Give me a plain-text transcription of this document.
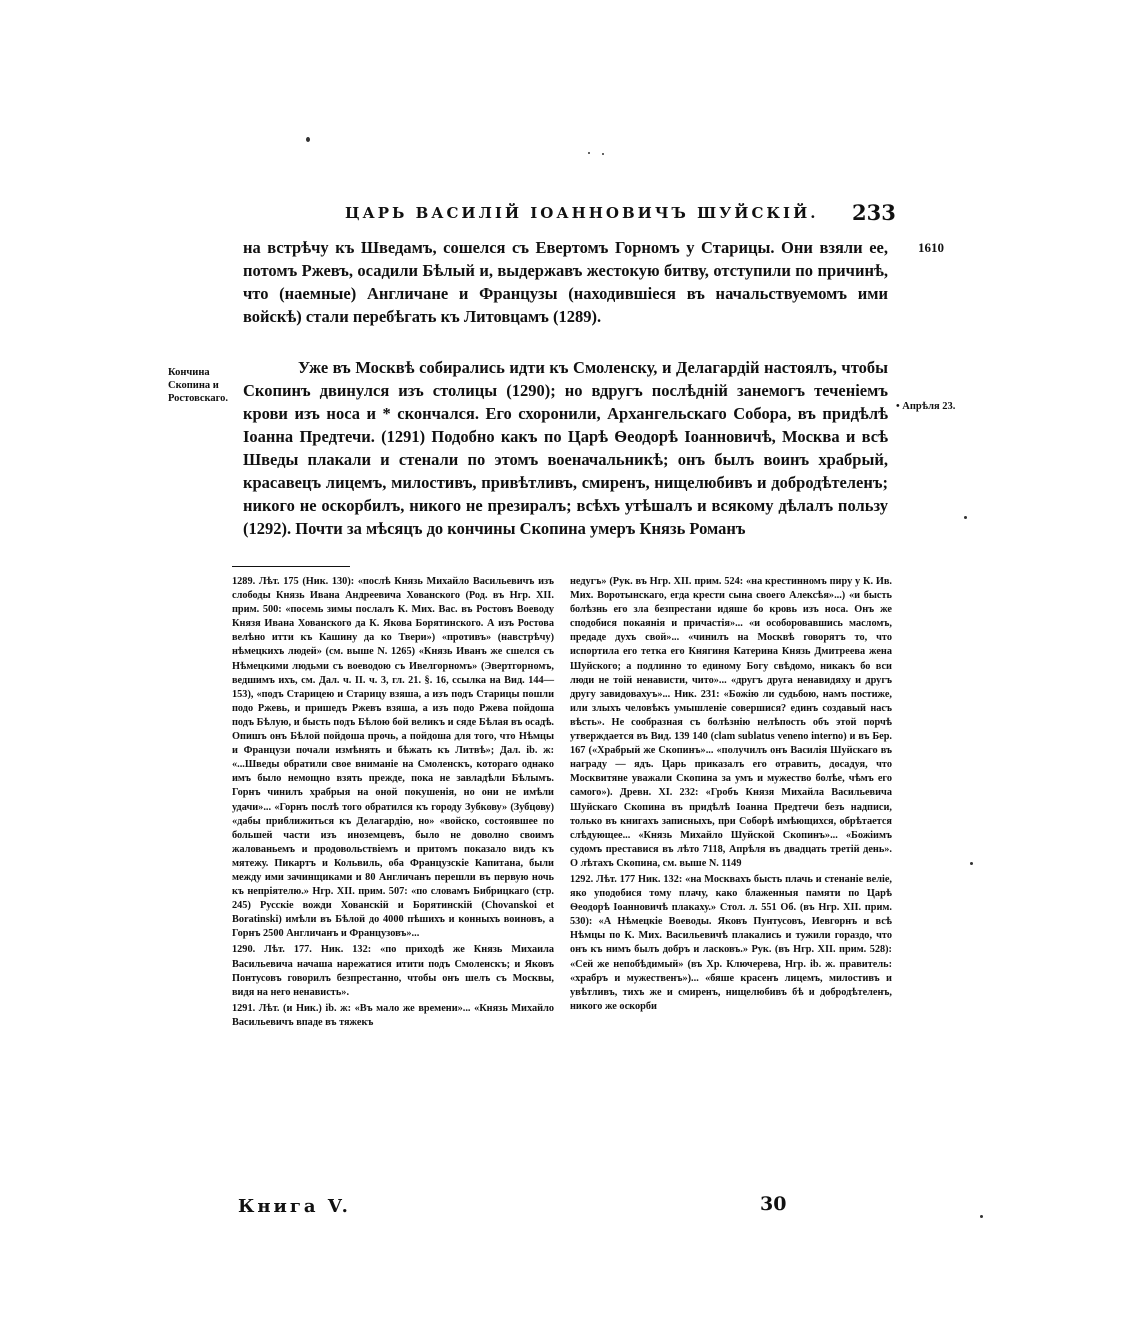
ЦАРЬ ВАСИЛІЙ ІОАННОВИЧЪ ШУЙСКІЙ. 233
1610
Кончина Скопина и Ростовскаго.
• Апрѣля 23.
на встрѣчу къ Шведамъ, сошелся съ Евертомъ Горномъ у Старицы. Они взяли ее, потомъ Ржевъ, осадили Бѣлый и, выдержавъ жестокую битву, отступили по причинѣ, что (наемные) Англичане и Французы (находившіеся въ начальствуемомъ ими войскѣ) стали перебѣгать къ Литовцамъ (1289).
Уже въ Москвѣ собирались идти къ Смоленску, и Делагардій настоялъ, чтобы Скопинъ двинулся изъ столицы (1290); но вдругъ послѣдній занемогъ теченіемъ крови изъ носа и * скончался. Его схоронили, Архангельскаго Собора, въ придѣлѣ Іоанна Предтечи. (1291) Подобно какъ по Царѣ Ѳеодорѣ Іоанновичѣ, Москва и всѣ Шведы плакали и стенали по этомъ военачальникѣ; онъ былъ воинъ храбрый, красавецъ лицемъ, милостивъ, привѣтливъ, смиренъ, нищелюбивъ и добродѣтеленъ; никого не оскорбилъ, никого не презиралъ; всѣхъ утѣшалъ и всякому дѣлалъ пользу (1292). Почти за мѣсяцъ до кончины Скопина умеръ Князь Романъ

1289. Лѣт. 175 (Ник. 130): «послѣ Князь Михайло Васильевичъ изъ слободы Князь Ивана Андреевича Хованского (Род. въ Нгр. XII. прим. 500: «посемь зимы послалъ К. Мих. Вас. въ Ростовъ Воеводу Князя Ивана Хованского да К. Якова Борятинского. А изъ Ростова велѣно итти къ Кашину да ко Твери») «противъ» (навстрѣчу) нѣмецкихъ людей» (см. выше N. 1265) «Князь Иванъ же сшелся съ Нѣмецкими людьми съ воеводою съ Ивелгорномъ» (Эвертгорномъ, ведшимъ ихъ, см. Дал. ч. II. ч. 3, гл. 21. §. 16, ссылка на Вид. 144—153), «подъ Старицею и Старицу взяша, а изъ подъ Старицы пошли подо Ржевь, и пришедъ Ржевъ взяша, а изъ подо Ржева пойдоша подъ Бѣлую, и бысть подъ Бѣлою бой великъ и сядe Бѣлая въ осадѣ. Опишъ онъ Бѣлой пойдоша прочь, а пойдоша для того, что Нѣмцы и Французи почали измѣнять и бѣжать къ Литвѣ»; Дал. ib. ж: «...Шведы обратили свое вниманіе на Смоленскъ, котораго однако имъ было немощно взять прежде, пока не завладѣли Бѣлымъ. Горнъ чинилъ храбрыя на оной покушенія, но они не имѣли удачи»... «Горнъ послѣ того обратился къ городу Зубкову» (Зубцову) «дабы приближиться къ Делагардію, но» «войско, состоявшее по большей части изъ иноземцевъ, было не доволно своимъ жалованьемъ и продовольствіемъ и притомъ показало видъ къ мятежу. Пикартъ и Кольвиль, оба Французскіе Капитана, были между ими зачинщиками и 80 Англичанъ перешли въ первую ночь къ непріятелю.» Нгр. XII. прим. 507: «по словамъ Бибрицкаго (стр. 245) Русскіе вожди Хованскій и Борятинскій (Chovanskoi et Boratinski) имѣли въ Бѣлой до 4000 пѣшихъ и конныхъ воиновъ, а Горнъ 2500 Англичанъ и Французовъ»...

1290. Лѣт. 177. Ник. 132: «по приходѣ же Князь Михаила Васильевича начаша нарежатися итити подъ Смоленскъ; и Яковъ Понтусовъ говорилъ безпрестанно, чтобы онъ шелъ съ Москвы, видя на него ненависть».

1291. Лѣт. (и Ник.) ib. ж: «Въ мало же времени»... «Князь Михайло Васильевичъ впаде въ тяжекъ

недугъ» (Рук. въ Нгр. XII. прим. 524: «на крестинномъ пиру у К. Ив. Мих. Воротынскаго, егда крести сына своего Алексѣя»...) «и бысть болѣзнь его зла безпрестани идяше бо кровь изъ носа. Онъ же сподобися покаянія и причастія»... «и особоровавшись масломъ, предаде духъ свой»... «чинилъ на Москвѣ говорятъ то, что испортила его тетка его Княгиня Катерина Князь Дмитреева жена Шуйского; а подлинно то единому Богу свѣдомо, никакъ бо вси люди не тоій ненависти, чито»... «другъ друга ненавидяху и другъ другу завидовахуъ»... Ник. 231: «Божію ли судьбою, намъ постиже, или злыхъ человѣкъ умышленіе совершися? единъ создавый насъ вѣсть». Не сообразная съ болѣзнію нелѣпость объ этой порчѣ утверждается въ Вид. 139 140 (clam sublatus veneno interno) и въ Бер. 167 («Храбрый же Скопинъ»... «получилъ онъ Василія Шуйскаго въ награду — ядъ. Царь приказалъ его отравить, досадуя, что Москвитяне уважали Скопина за умъ и мужество болѣе, чѣмъ его самого»). Древн. XI. 232: «Гробъ Князя Михайла Васильевича Шуйскаго Скопина въ придѣлѣ Іоанна Предтечи безъ надписи, только въ книгахъ записныхъ, при Соборѣ имѣющихся, обрѣтается слѣдующее... «Князь Михайло Шуйской Скопинъ»... «Божіимъ судомъ преставися въ лѣто 7118, Апрѣля въ двадцать третій день». О лѣтахъ Скопина, см. выше N. 1149

1292. Лѣт. 177 Ник. 132: «на Москвахъ бысть плачь и стенаніе веліе, яко уподобися тому плачу, како блаженныя памяти по Царѣ Ѳеодорѣ Іоанновичѣ плакаху.» Стол. л. 551 Об. (въ Нгр. XII. прим. 530): «А Нѣмецкіе Воеводы. Яковъ Пунтусовъ, Иевгорнъ и всѣ Нѣмцы по К. Мих. Васильевичѣ плакались и тужили гораздо, что онъ къ нимъ былъ добръ и ласковъ.» Рук. (въ Нгр. XII. прим. 528): «Сей же непобѣдимый» (въ Хр. Ключерева, Нгр. ib. ж. правитель: «храбръ и мужественъ»)... «бяше красенъ лицемъ, милостивъ и увѣтливъ, тихъ же и смиренъ, нищелюбивъ бѣ и добродѣтеленъ, никого же оскорби

Книга V.	30
